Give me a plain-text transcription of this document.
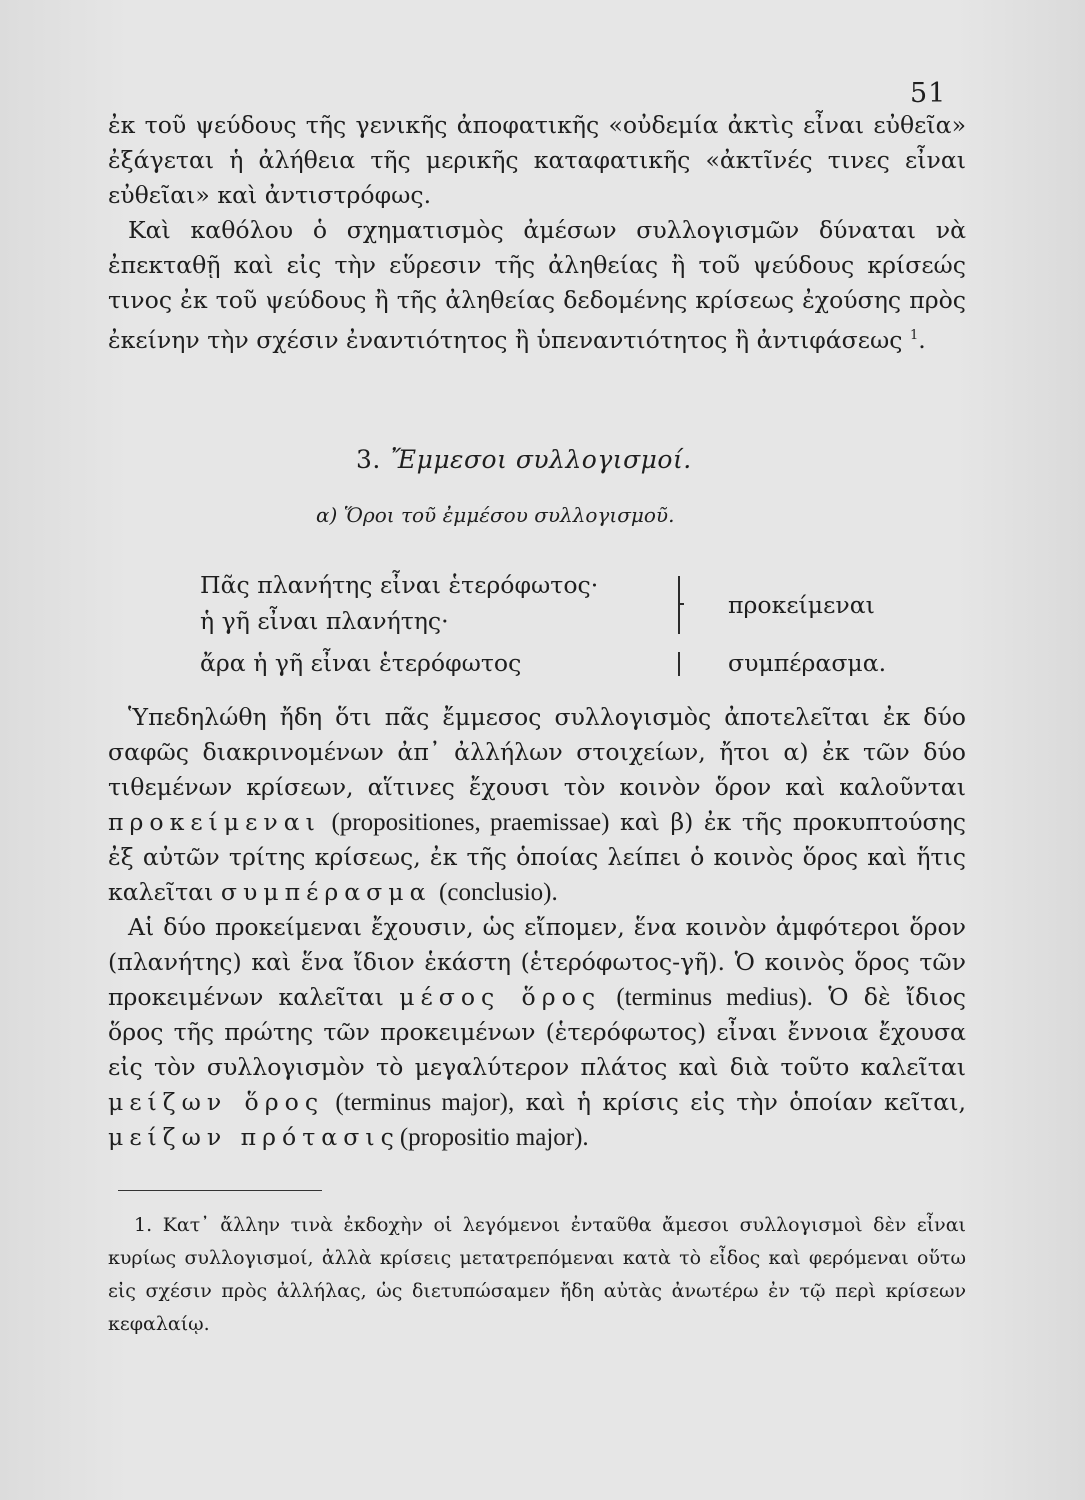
51

ἐκ τοῦ ψεύδους τῆς γενικῆς ἀποφατικῆς «οὐδεμία ἀκτὶς εἶναι εὐθεῖα» ἐξάγεται ἡ ἀλήθεια τῆς μερικῆς καταφατικῆς «ἀκτῖνές τινες εἶναι εὐθεῖαι» καὶ ἀντιστρόφως.

Καὶ καθόλου ὁ σχηματισμὸς ἀμέσων συλλογισμῶν δύναται νὰ ἐπεκταθῇ καὶ εἰς τὴν εὕρεσιν τῆς ἀληθείας ἢ τοῦ ψεύδους κρίσεώς τινος ἐκ τοῦ ψεύδους ἢ τῆς ἀληθείας δεδομένης κρίσεως ἐχούσης πρὸς ἐκείνην τὴν σχέσιν ἐναντιότητος ἢ ὑπεναντιότητος ἢ ἀντιφάσεως $^1$.

3. Ἔμμεσοι συλλογισμοί.
α) Ὅροι τοῦ ἐμμέσου συλλογισμοῦ.
Πᾶς πλανήτης εἶναι ἑτερόφωτος·
ἡ γῆ εἶναι πλανήτης·
ἄρα ἡ γῆ εἶναι ἑτερόφωτος
προκείμεναι
συμπέρασμα.

Ὑπεδηλώθη ἤδη ὅτι πᾶς ἔμμεσος συλλογισμὸς ἀποτελεῖται ἐκ δύο σαφῶς διακρινομένων ἀπ᾽ ἀλλήλων στοιχείων, ἤτοι α) ἐκ τῶν δύο τιθεμένων κρίσεων, αἵτινες ἔχουσι τὸν κοινὸν ὅρον καὶ καλοῦνται προκείμεναι (propositiones, praemissae) καὶ β) ἐκ τῆς προκυπτούσης ἐξ αὐτῶν τρίτης κρίσεως, ἐκ τῆς ὁποίας λείπει ὁ κοινὸς ὅρος καὶ ἥτις καλεῖται συμπέρασμα (conclusio).

Αἱ δύο προκείμεναι ἔχουσιν, ὡς εἴπομεν, ἕνα κοινὸν ἀμφότεροι ὅρον (πλανήτης) καὶ ἕνα ἴδιον ἑκάστη (ἑτερόφωτος-γῆ). Ὁ κοινὸς ὅρος τῶν προκειμένων καλεῖται μέσος ὅρος (terminus medius). Ὁ δὲ ἴδιος ὅρος τῆς πρώτης τῶν προκειμένων (ἑτερόφωτος) εἶναι ἔννοια ἔχουσα εἰς τὸν συλλογισμὸν τὸ μεγαλύτερον πλάτος καὶ διὰ τοῦτο καλεῖται μείζων ὅρος (terminus major), καὶ ἡ κρίσις εἰς τὴν ὁποίαν κεῖται, μείζων πρότασις(propositio major).

1. Κατ᾽ ἄλλην τινὰ ἐκδοχὴν οἱ λεγόμενοι ἐνταῦθα ἄμεσοι συλλογισμοὶ δὲν εἶναι κυρίως συλλογισμοί, ἀλλὰ κρίσεις μετατρεπόμεναι κατὰ τὸ εἶδος καὶ φερόμεναι οὕτω εἰς σχέσιν πρὸς ἀλλήλας, ὡς διετυπώσαμεν ἤδη αὐτὰς ἀνωτέρω ἐν τῷ περὶ κρίσεων κεφαλαίῳ.
